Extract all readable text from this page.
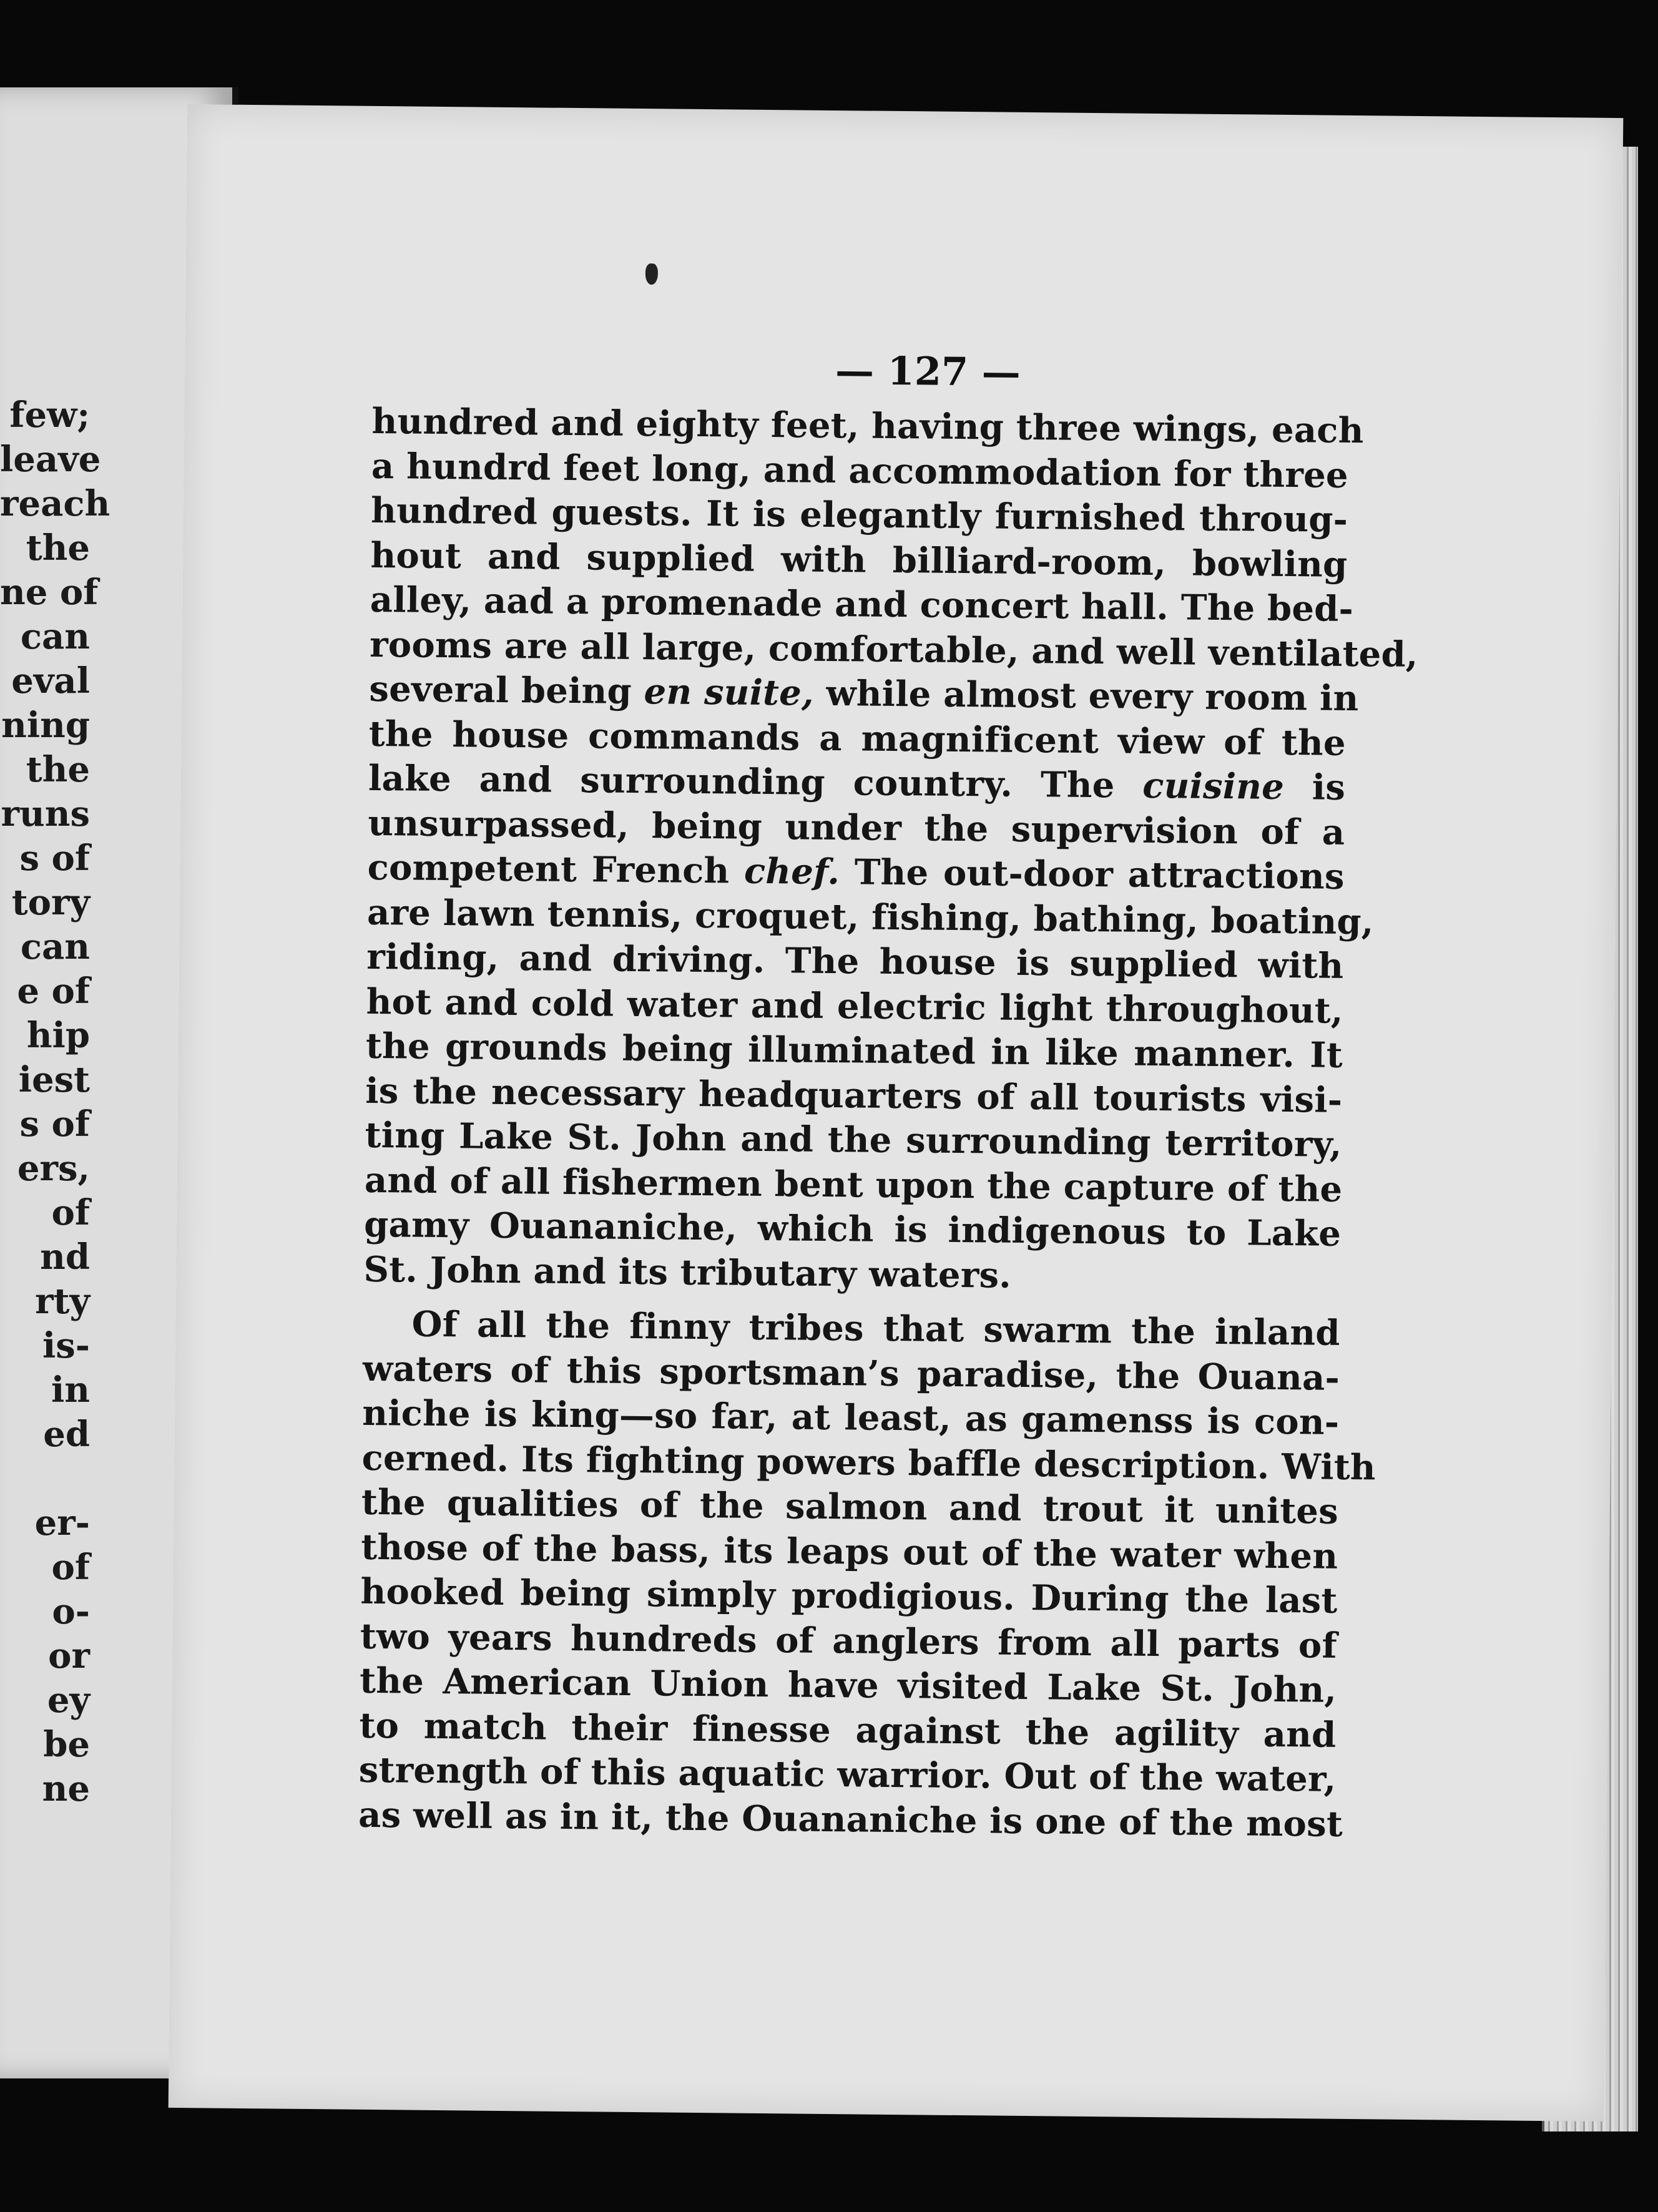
few;
leave
reach
the
ne of
can
eval
ning
the
runs
s of
tory
can
e of
hip
iest
s of
ers,
of
nd
rty
is-
in
ed
er-
of
o-
or
ey
be
ne
— 127 —
hundred and eighty feet, having three wings, each
a hundrd feet long, and accommodation for three
hundred guests. It is elegantly furnished throug-
hout and supplied with billiard-room, bowling
alley, aad a promenade and concert hall. The bed-
rooms are all large, comfortable, and well ventilated,
several being en suite, while almost every room in
the house commands a magnificent view of the
lake and surrounding country. The cuisine is
unsurpassed, being under the supervision of a
competent French chef. The out-door attractions
are lawn tennis, croquet, fishing, bathing, boating,
riding, and driving. The house is supplied with
hot and cold water and electric light throughout,
the grounds being illuminated in like manner. It
is the necessary headquarters of all tourists visi-
ting Lake St. John and the surrounding territory,
and of all fishermen bent upon the capture of the
gamy Ouananiche, which is indigenous to Lake
St. John and its tributary waters.
Of all the finny tribes that swarm the inland
waters of this sportsman’s paradise, the Ouana-
niche is king—so far, at least, as gamenss is con-
cerned. Its fighting powers baffle description. With
the qualities of the salmon and trout it unites
those of the bass, its leaps out of the water when
hooked being simply prodigious. During the last
two years hundreds of anglers from all parts of
the American Union have visited Lake St. John,
to match their finesse against the agility and
strength of this aquatic warrior. Out of the water,
as well as in it, the Ouananiche is one of the most
